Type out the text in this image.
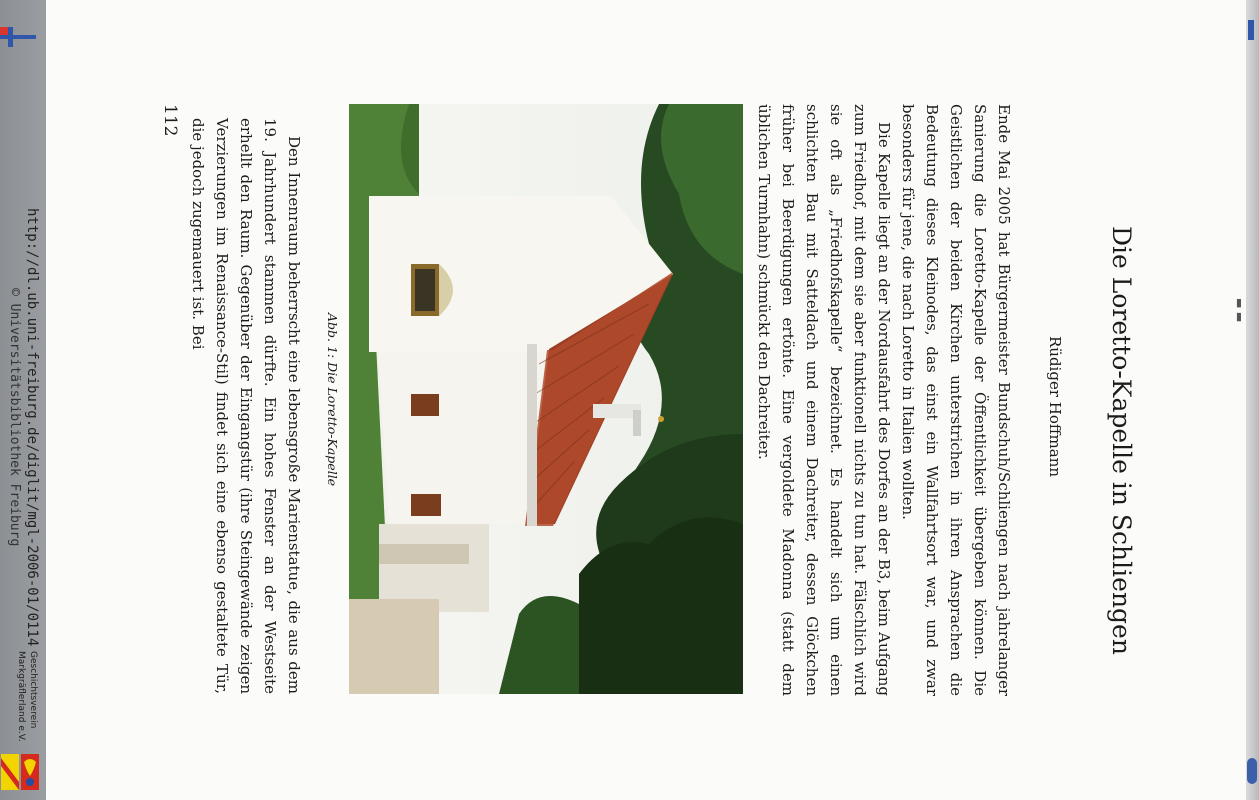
http://dl.ub.uni-freiburg.de/diglit/mgl-2006-01/0114
© Universitätsbibliothek Freiburg
Geschichtsverein
Markgräflerland e.V.
Die Loretto-Kapelle in Schliengen
Rüdiger Hoffmann

Ende Mai 2005 hat Bürgermeister Bundschuh/Schliengen nach jahrelanger Sanierung die Loretto-Kapelle der Öffentlichkeit übergeben können. Die Geistlichen der beiden Kirchen unterstrichen in ihren Ansprachen die Bedeutung dieses Kleinodes, das einst ein Wallfahrtsort war, und zwar besonders für jene, die nach Loretto in Italien wollten.

Die Kapelle liegt an der Nordausfahrt des Dorfes an der B3, beim Aufgang zum Friedhof, mit dem sie aber funktionell nichts zu tun hat. Fälschlich wird sie oft als „Friedhofskapelle“ bezeichnet. Es handelt sich um einen schlichten Bau mit Satteldach und einem Dachreiter, dessen Glöckchen früher bei Beerdigungen ertönte. Eine vergoldete Madonna (statt dem üblichen Turmhahn) schmückt den Dachreiter.

Abb. 1: Die Loretto-Kapelle

Den Innenraum beherrscht eine lebensgroße Marienstatue, die aus dem 19. Jahrhundert stammen dürfte. Ein hohes Fenster an der Westseite erhellt den Raum. Gegenüber der Eingangstür (ihre Steingewände zeigen Verzierungen im Renaissance-Stil) findet sich eine ebenso gestaltete Tür, die jedoch zugemauert ist. Bei

112
▬ ▬
